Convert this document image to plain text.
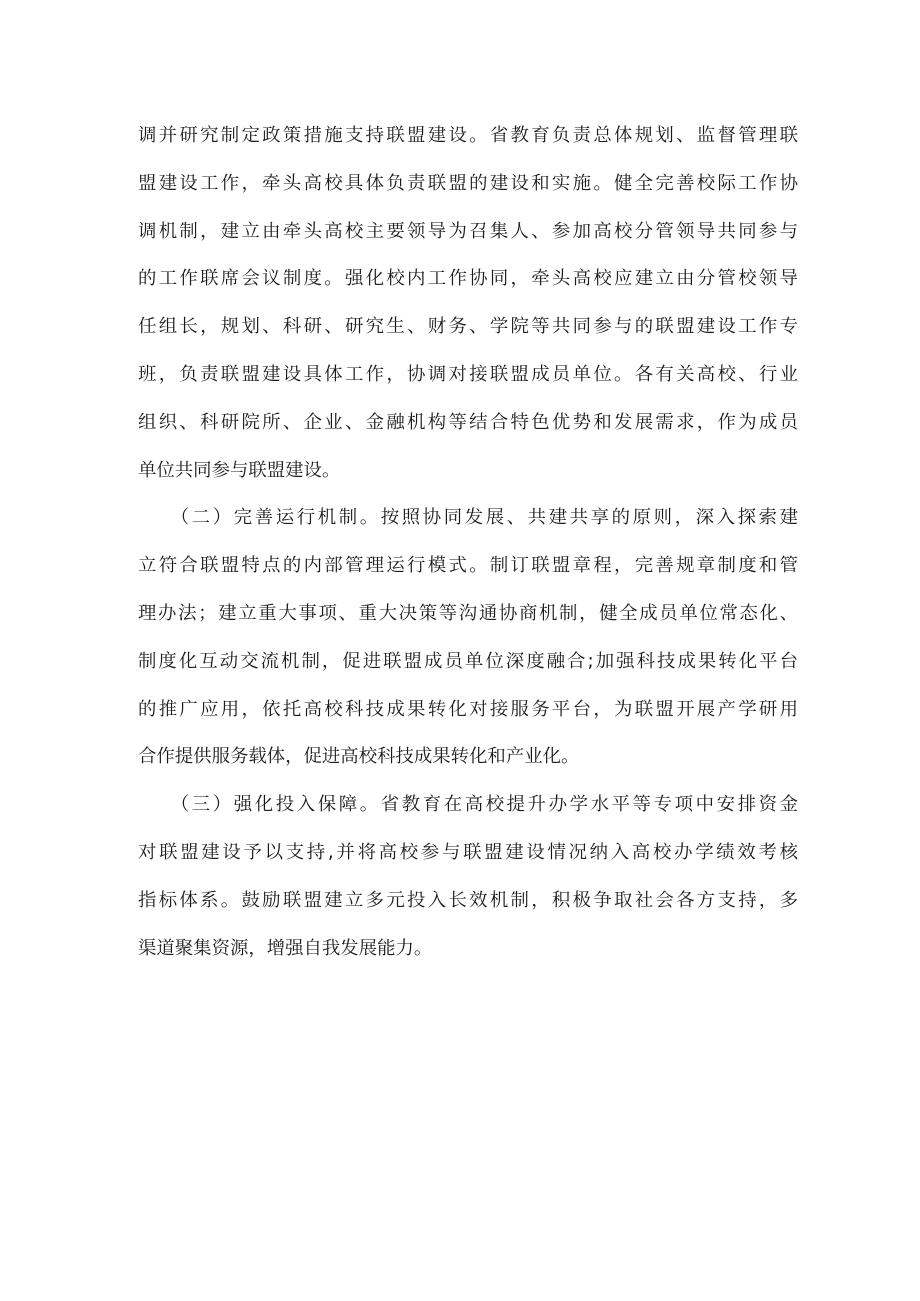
调并研究制定政策措施支持联盟建设。省教育负责总体规划、监督管理联
盟建设工作，牵头高校具体负责联盟的建设和实施。健全完善校际工作协
调机制，建立由牵头高校主要领导为召集人、参加高校分管领导共同参与
的工作联席会议制度。强化校内工作协同，牵头高校应建立由分管校领导
任组长，规划、科研、研究生、财务、学院等共同参与的联盟建设工作专
班，负责联盟建设具体工作，协调对接联盟成员单位。各有关高校、行业
组织、科研院所、企业、金融机构等结合特色优势和发展需求，作为成员
单位共同参与联盟建设。
　　（二）完善运行机制。按照协同发展、共建共享的原则，深入探索建
立符合联盟特点的内部管理运行模式。制订联盟章程，完善规章制度和管
理办法；建立重大事项、重大决策等沟通协商机制，健全成员单位常态化、
制度化互动交流机制，促进联盟成员单位深度融合;加强科技成果转化平台
的推广应用，依托高校科技成果转化对接服务平台，为联盟开展产学研用
合作提供服务载体，促进高校科技成果转化和产业化。
　　（三）强化投入保障。省教育在高校提升办学水平等专项中安排资金
对联盟建设予以支持,并将高校参与联盟建设情况纳入高校办学绩效考核
指标体系。鼓励联盟建立多元投入长效机制，积极争取社会各方支持，多
渠道聚集资源，增强自我发展能力。
